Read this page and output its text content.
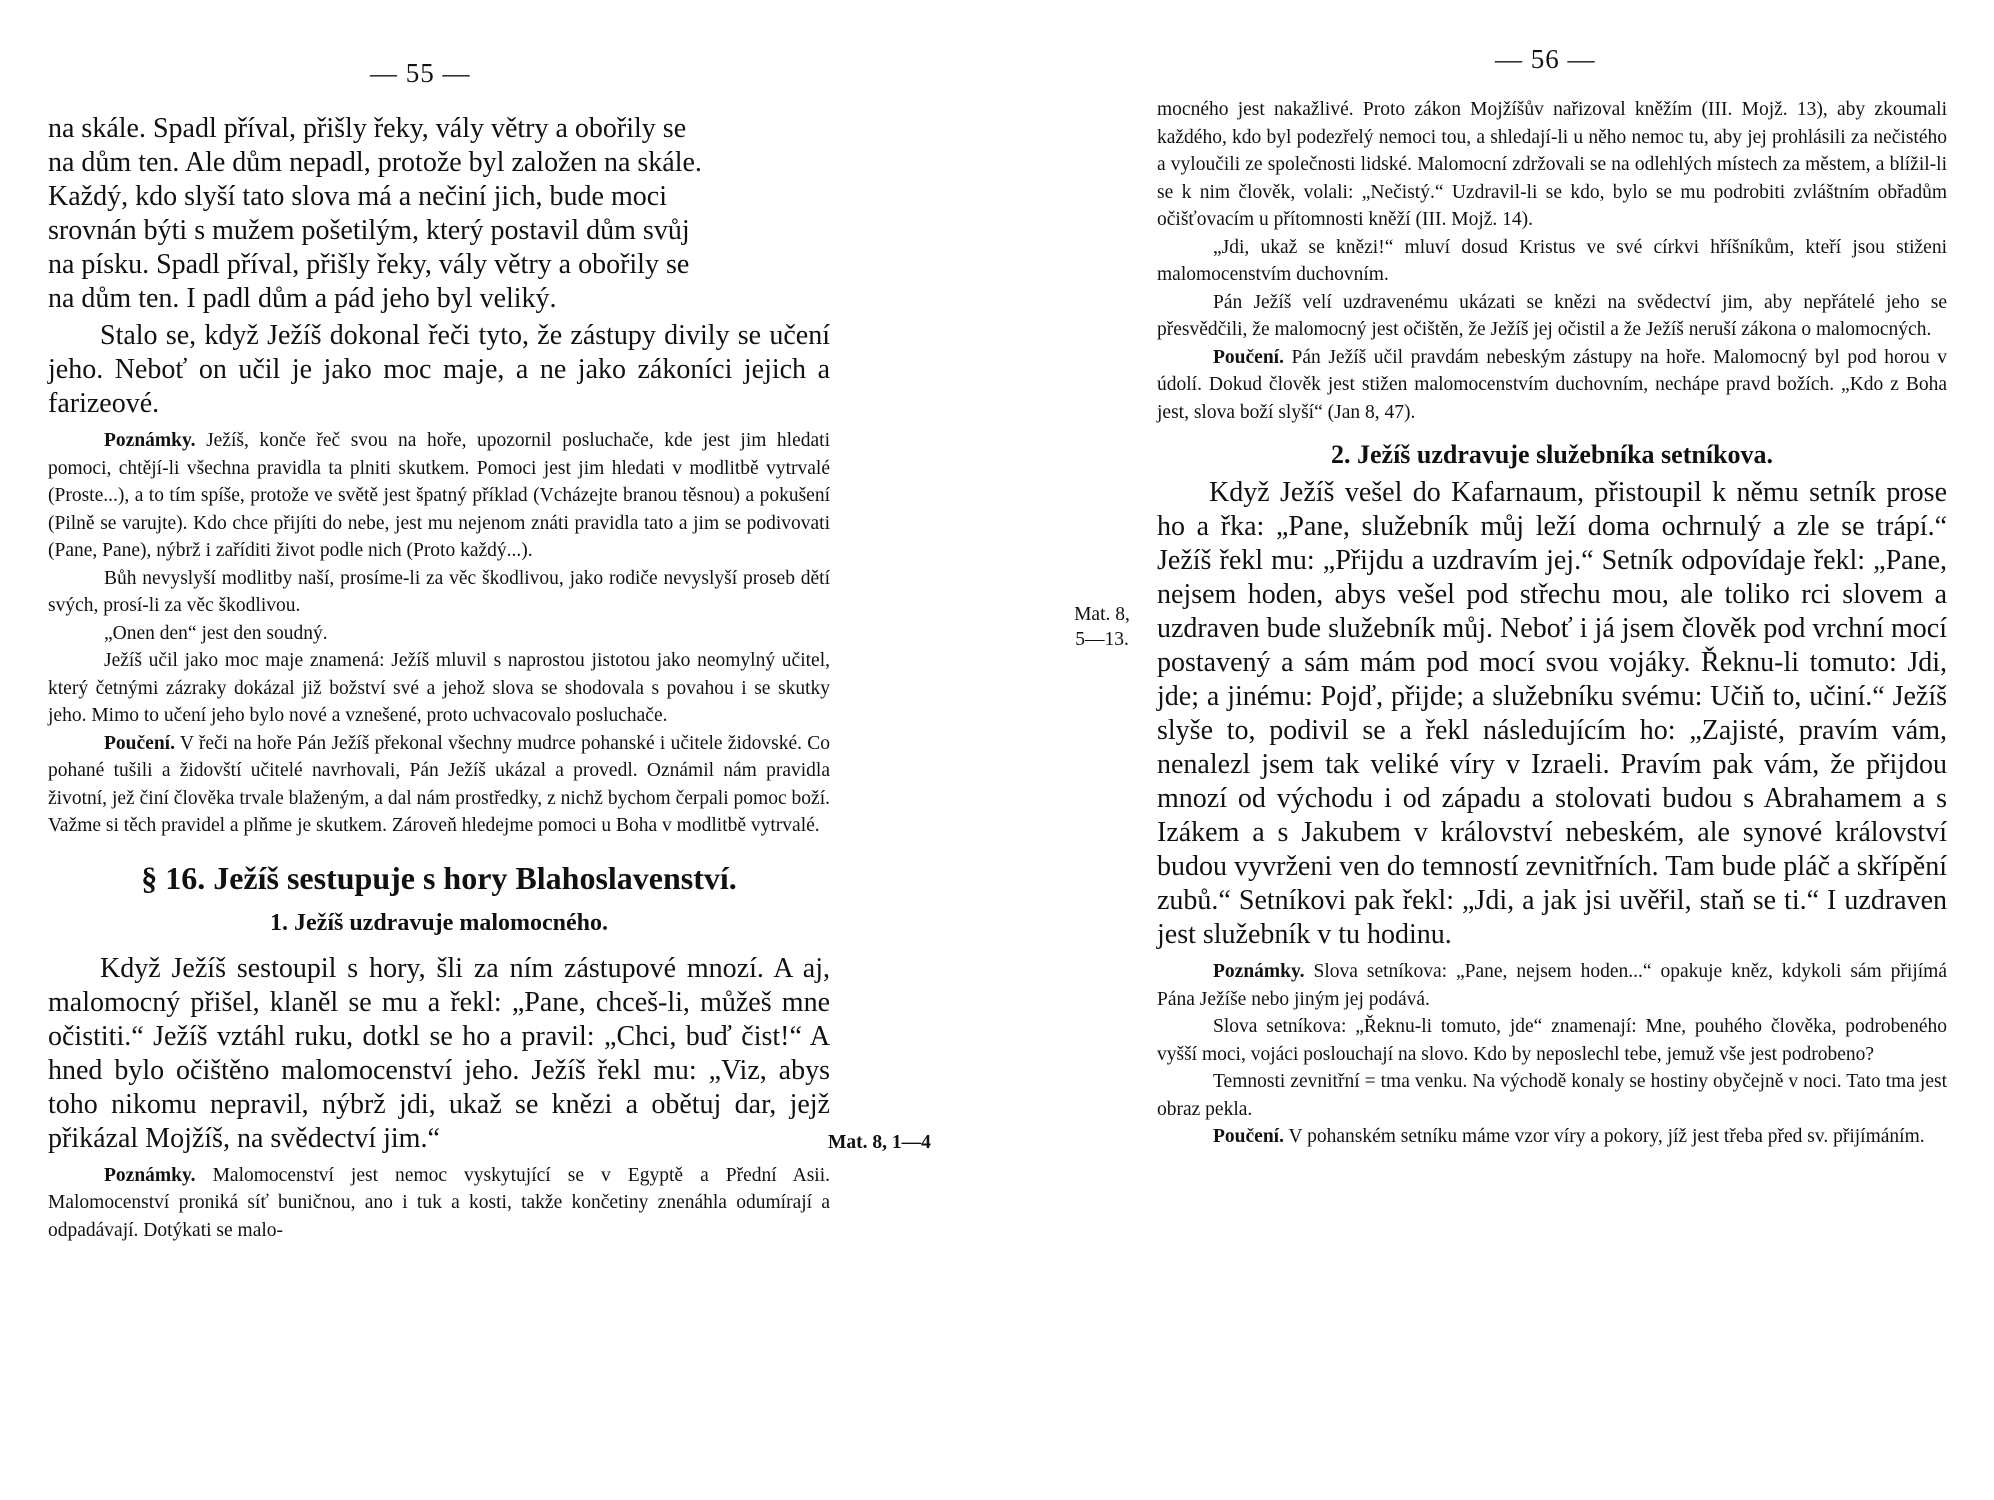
— 55 —
na skále. Spadl příval, přišly řeky, vály větry a obořily se
na dům ten. Ale dům nepadl, protože byl založen na skále.
Každý, kdo slyší tato slova má a nečiní jich, bude moci
srovnán býti s mužem pošetilým, který postavil dům svůj
na písku. Spadl příval, přišly řeky, vály větry a obořily se
na dům ten. I padl dům a pád jeho byl veliký.

Stalo se, když Ježíš dokonal řeči tyto, že zástupy divily se učení jeho. Neboť on učil je jako moc maje, a ne jako zákoníci jejich a farizeové.

Poznámky. Ježíš, konče řeč svou na hoře, upozornil posluchače, kde jest jim hledati pomoci, chtějí-li všechna pravidla ta plniti skutkem. Pomoci jest jim hledati v modlitbě vytrvalé (Proste...), a to tím spíše, protože ve světě jest špatný příklad (Vcházejte branou těsnou) a pokušení (Pilně se varujte). Kdo chce přijíti do nebe, jest mu nejenom znáti pravidla tato a jim se podivovati (Pane, Pane), nýbrž i zaříditi život podle nich (Proto každý...).

Bůh nevyslyší modlitby naší, prosíme-li za věc škodlivou, jako rodiče nevyslyší proseb dětí svých, prosí-li za věc škodlivou.

„Onen den“ jest den soudný.

Ježíš učil jako moc maje znamená: Ježíš mluvil s naprostou jistotou jako neomylný učitel, který četnými zázraky dokázal již božství své a jehož slova se shodovala s povahou i se skutky jeho. Mimo to učení jeho bylo nové a vznešené, proto uchvacovalo posluchače.

Poučení. V řeči na hoře Pán Ježíš překonal všechny mudrce pohanské i učitele židovské. Co pohané tušili a židovští učitelé navrhovali, Pán Ježíš ukázal a provedl. Oznámil nám pravidla životní, jež činí člověka trvale blaženým, a dal nám prostředky, z nichž bychom čerpali pomoc boží. Važme si těch pravidel a plňme je skutkem. Zároveň hledejme pomoci u Boha v modlitbě vytrvalé.

§ 16. Ježíš sestupuje s hory Blahoslavenství.
1. Ježíš uzdravuje malomocného.

Když Ježíš sestoupil s hory, šli za ním zástupové mnozí. A aj, malomocný přišel, klaněl se mu a řekl: „Pane, chceš-li, můžeš mne očistiti.“ Ježíš vztáhl ruku, dotkl se ho a pravil: „Chci, buď čist!“ A hned bylo očištěno malomocenství jeho. Ježíš řekl mu: „Viz, abys toho nikomu nepravil, nýbrž jdi, ukaž se knězi a obětuj dar, jejž přikázal Mojžíš, na svědectví jim.“

Poznámky. Malomocenství jest nemoc vyskytující se v Egyptě a Přední Asii. Malomocenství proniká síť buničnou, ano i tuk a kosti, takže končetiny znenáhla odumírají a odpadávají. Dotýkati se malo-

Mat. 8, 1—4
— 56 —

mocného jest nakažlivé. Proto zákon Mojžíšův nařizoval kněžím (III. Mojž. 13), aby zkoumali každého, kdo byl podezřelý nemoci tou, a shledají-li u něho nemoc tu, aby jej prohlásili za nečistého a vyloučili ze společnosti lidské. Malomocní zdržovali se na odlehlých místech za městem, a blížil-li se k nim člověk, volali: „Nečistý.“ Uzdravil-li se kdo, bylo se mu podrobiti zvláštním obřadům očišťovacím u přítomnosti kněží (III. Mojž. 14).

„Jdi, ukaž se knězi!“ mluví dosud Kristus ve své církvi hříšníkům, kteří jsou stiženi malomocenstvím duchovním.

Pán Ježíš velí uzdravenému ukázati se knězi na svědectví jim, aby nepřátelé jeho se přesvědčili, že malomocný jest očištěn, že Ježíš jej očistil a že Ježíš neruší zákona o malomocných.

Poučení. Pán Ježíš učil pravdám nebeským zástupy na hoře. Malomocný byl pod horou v údolí. Dokud člověk jest stižen malomocenstvím duchovním, nechápe pravd božích. „Kdo z Boha jest, slova boží slyší“ (Jan 8, 47).

2. Ježíš uzdravuje služebníka setníkova.

Když Ježíš vešel do Kafarnaum, přistoupil k němu setník prose ho a řka: „Pane, služebník můj leží doma ochrnulý a zle se trápí.“ Ježíš řekl mu: „Přijdu a uzdravím jej.“ Setník odpovídaje řekl: „Pane, nejsem hoden, abys vešel pod střechu mou, ale toliko rci slovem a uzdraven bude služebník můj. Neboť i já jsem člověk pod vrchní mocí postavený a sám mám pod mocí svou vojáky. Řeknu-li tomuto: Jdi, jde; a jinému: Pojď, přijde; a služebníku svému: Učiň to, učiní.“ Ježíš slyše to, podivil se a řekl následujícím ho: „Zajisté, pravím vám, nenalezl jsem tak veliké víry v Izraeli. Pravím pak vám, že přijdou mnozí od východu i od západu a stolovati budou s Abrahamem a s Izákem a s Jakubem v království nebeském, ale synové království budou vyvrženi ven do temností zevnitřních. Tam bude pláč a skřípění zubů.“ Setníkovi pak řekl: „Jdi, a jak jsi uvěřil, staň se ti.“ I uzdraven jest služebník v tu hodinu.

Poznámky. Slova setníkova: „Pane, nejsem hoden...“ opakuje kněz, kdykoli sám přijímá Pána Ježíše nebo jiným jej podává.

Slova setníkova: „Řeknu-li tomuto, jde“ znamenají: Mne, pouhého člověka, podrobeného vyšší moci, vojáci poslouchají na slovo. Kdo by neposlechl tebe, jemuž vše jest podrobeno?

Temnosti zevnitřní = tma venku. Na východě konaly se hostiny obyčejně v noci. Tato tma jest obraz pekla.

Poučení. V pohanském setníku máme vzor víry a pokory, jíž jest třeba před sv. přijímáním.

Mat. 8,
5—13.
